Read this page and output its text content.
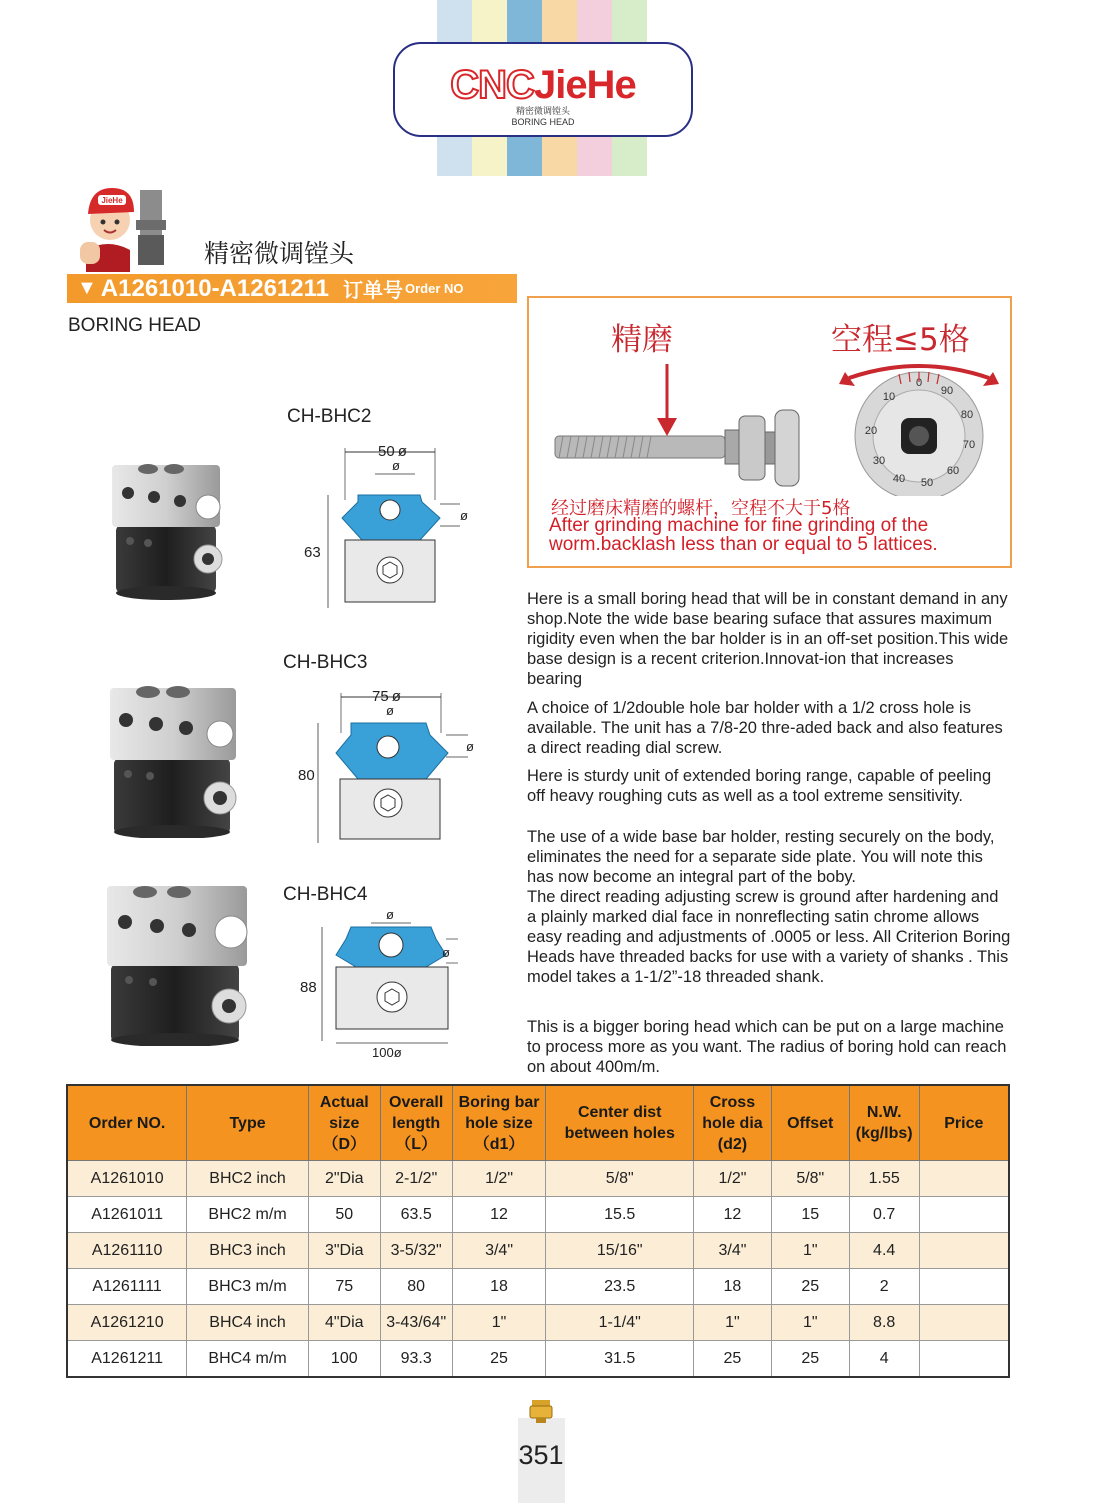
CNCJieHe
精密微调镗头
BORING HEAD
JieHe
精密微调镗头
▼ A1261010-A1261211 订单号 Order NO
BORING HEAD
CH-BHC2
CH-BHC3
CH-BHC4
50 ø
ø
63
ø
75 ø
ø
80
ø
ø
88
100ø
ø
精磨	空程≤5格
0
90
80
70
60
50
40
30
20
10
经过磨床精磨的螺杆，空程不大于5格
After grinding machine for fine grinding of the worm.backlash less than or equal to 5 lattices.

Here is a small boring head that will be in constant demand in any shop.Note the wide base bearing suface that assures maximum rigidity even when the bar holder is in an off-set position.This wide base design is a recent criterion.Innovat-ion that increases bearing

A choice of 1/2double hole bar holder with a 1/2 cross hole is available. The unit has a 7/8-20 thre-aded back and also features a direct reading dial screw.

Here is sturdy unit of extended boring range, capable of peeling off heavy roughing cuts as well as a tool extreme sensitivity.

The use of a wide base bar holder, resting securely on the body, eliminates the need for a separate side plate. You will note this has now become an integral part of the boby.

The direct reading adjusting screw is ground after hardening and a plainly marked dial face in nonreflecting satin chrome allows easy reading and adjustments of .0005 or less. All Criterion Boring Heads have threaded backs for use with a variety of shanks . This model takes a 1-1/2”-18 threaded shank.

This is a bigger boring head which can be put on a large machine to process more as you want. The radius of boring hold can reach on about 400m/m.

Order NO.	Type	Actual
size
（D）	Overall
length
（L）	Boring bar
hole size
（d1）	Center dist
between holes	Cross
hole dia
(d2)	Offset	N.W.
(kg/lbs)	Price
A1261010	BHC2 inch	2"Dia	2-1/2"	1/2"	5/8"	1/2"	5/8"	1.55	
A1261011	BHC2 m/m	50	63.5	12	15.5	12	15	0.7	
A1261110	BHC3 inch	3"Dia	3-5/32"	3/4"	15/16"	3/4"	1"	4.4	
A1261111	BHC3 m/m	75	80	18	23.5	18	25	2	
A1261210	BHC4 inch	4"Dia	3-43/64"	1"	1-1/4"	1"	1"	8.8	
A1261211	BHC4 m/m	100	93.3	25	31.5	25	25	4	
351
